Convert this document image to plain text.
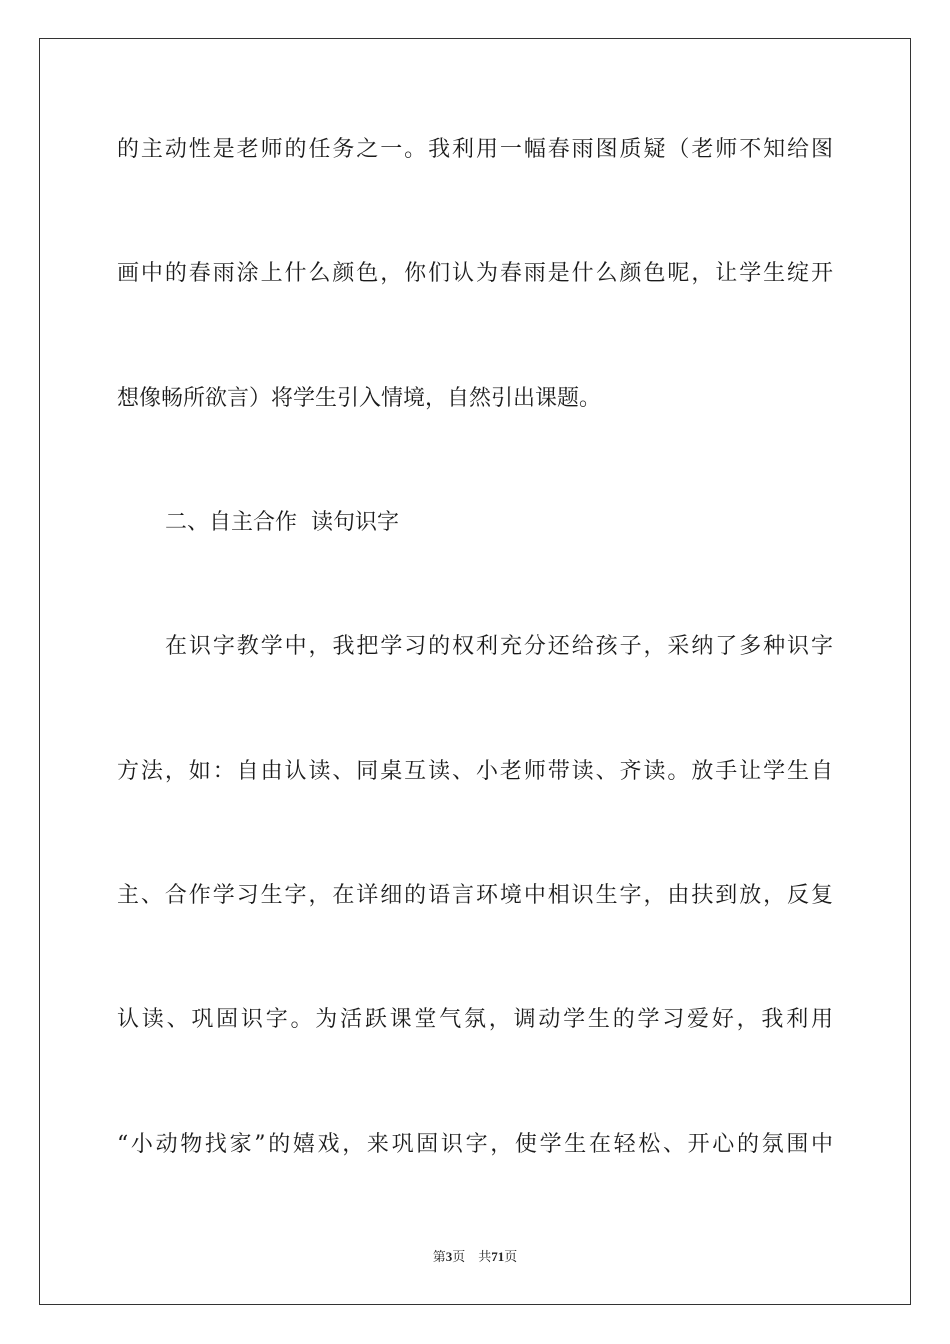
的主动性是老师的任务之一。我利用一幅春雨图质疑（老师不知给图
画中的春雨涂上什么颜色，你们认为春雨是什么颜色呢，让学生绽开
想像畅所欲言）将学生引入情境，自然引出课题。
二、自主合作  读句识字
在识字教学中，我把学习的权利充分还给孩子，采纳了多种识字
方法，如：自由认读、同桌互读、小老师带读、齐读。放手让学生自
主、合作学习生字，在详细的语言环境中相识生字，由扶到放，反复
认读、巩固识字。为活跃课堂气氛，调动学生的学习爱好，我利用
“小动物找家”的嬉戏，来巩固识字，使学生在轻松、开心的氛围中
第3页 共71页
